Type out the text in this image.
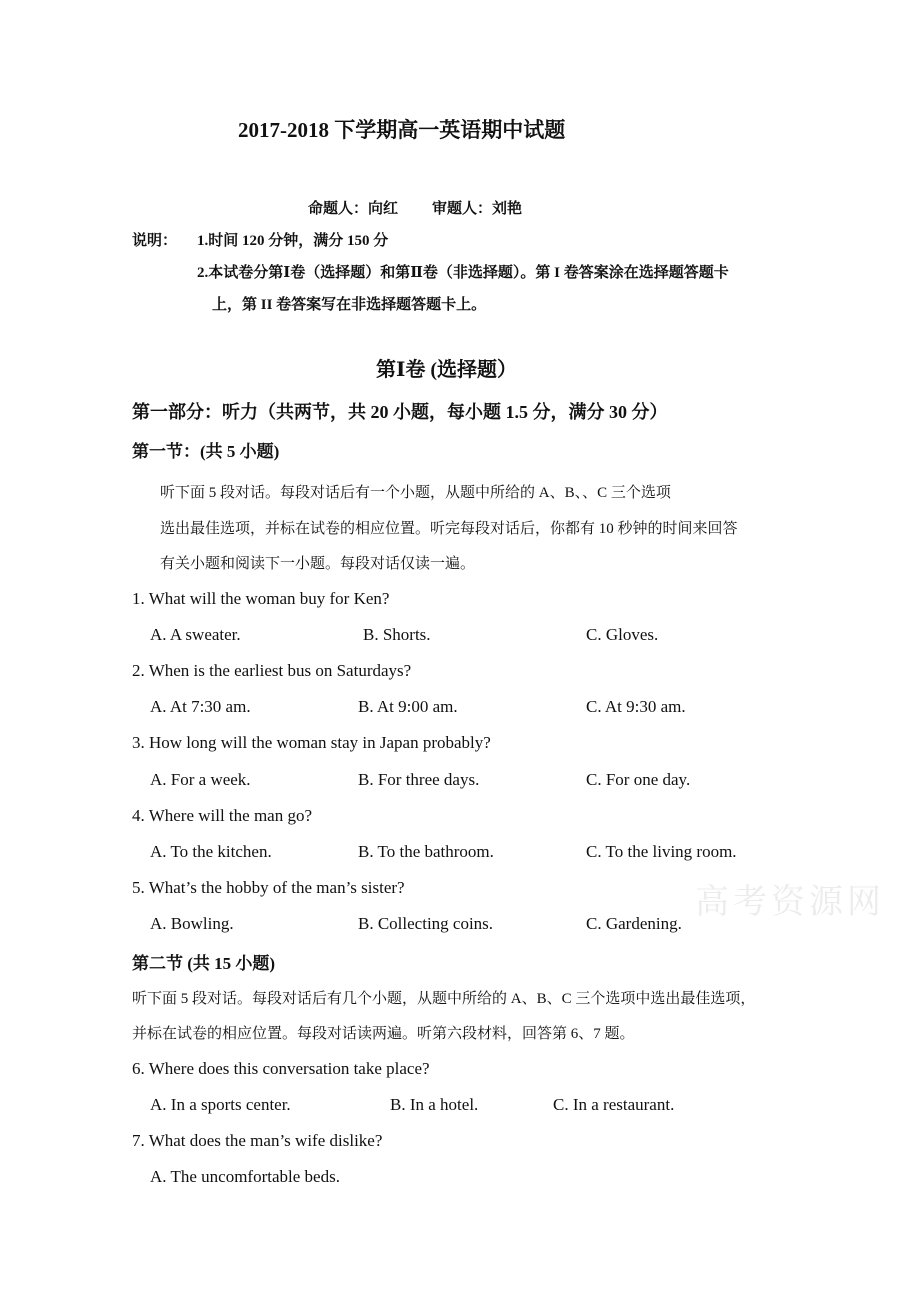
2017-2018 下学期高一英语期中试题
命题人：向红 审题人：刘艳
说明： 1.时间 120 分钟，满分 150 分
2.本试卷分第Ⅰ卷（选择题）和第Ⅱ卷（非选择题）。第 I 卷答案涂在选择题答题卡
上，第 II 卷答案写在非选择题答题卡上。
第Ⅰ卷 (选择题）
第一部分：听力（共两节，共 20 小题，每小题 1.5 分，满分 30 分）
第一节：(共 5 小题)
听下面 5 段对话。每段对话后有一个小题，从题中所给的 A、B、、C 三个选项
选出最佳选项，并标在试卷的相应位置。听完每段对话后，你都有 10 秒钟的时间来回答
有关小题和阅读下一小题。每段对话仅读一遍。
1. What will the woman buy for Ken?
A. A sweater.	B. Shorts.	C. Gloves.
2. When is the earliest bus on Saturdays?
A. At 7:30 am.	B. At 9:00 am.	C. At 9:30 am.
3. How long will the woman stay in Japan probably?
A. For a week.	B. For three days.	C. For one day.
4. Where will the man go?
A. To the kitchen.	B. To the bathroom.	C. To the living room.
5. What’s the hobby of the man’s sister?
A. Bowling.	B. Collecting coins.	C. Gardening.
高考资源网
第二节 (共 15 小题)
听下面 5 段对话。每段对话后有几个小题，从题中所给的 A、B、C 三个选项中选出最佳选项，
并标在试卷的相应位置。每段对话读两遍。听第六段材料，回答第 6、7 题。
6. Where does this conversation take place?
A. In a sports center.	B. In a hotel.	C. In a restaurant.
7. What does the man’s wife dislike?
A. The uncomfortable beds.
